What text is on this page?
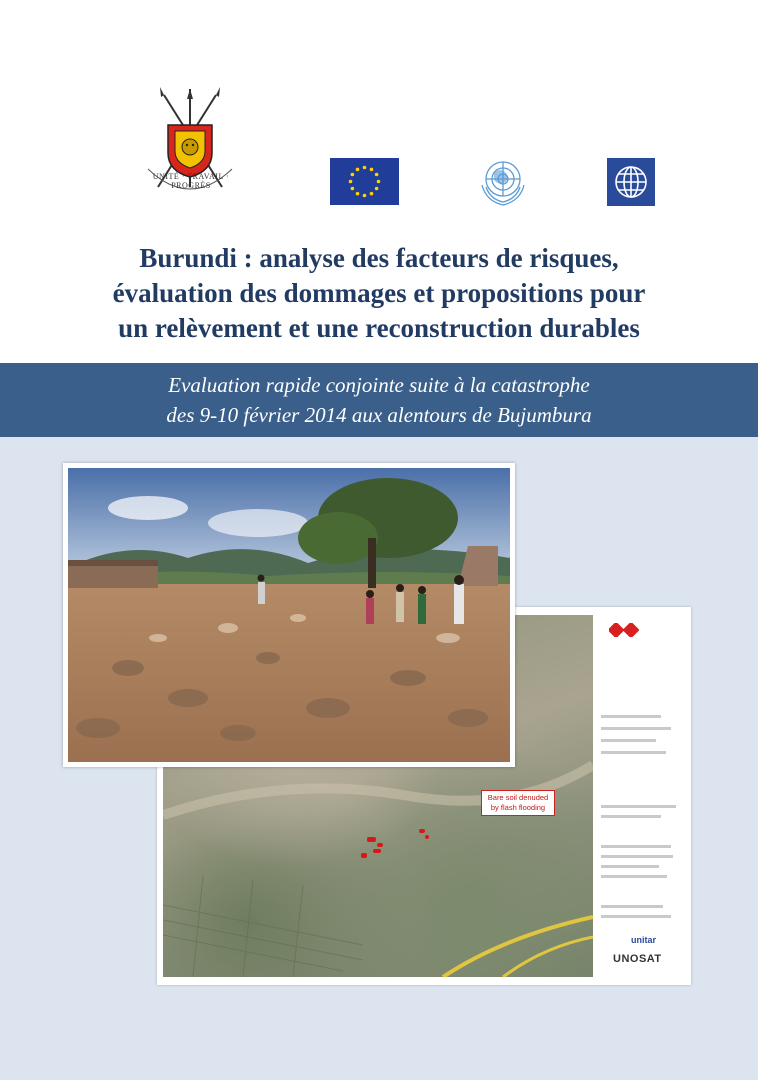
UNITÉ · TRAVAIL · PROGRÈS
Burundi : analyse des facteurs de risques,
évaluation des dommages et propositions pour
un relèvement et une reconstruction durables
Evaluation rapide conjointe suite à la catastrophe
des 9-10 février 2014 aux alentours de Bujumbura
Bare soil denuded by flash flooding
unitar
UNOSAT
